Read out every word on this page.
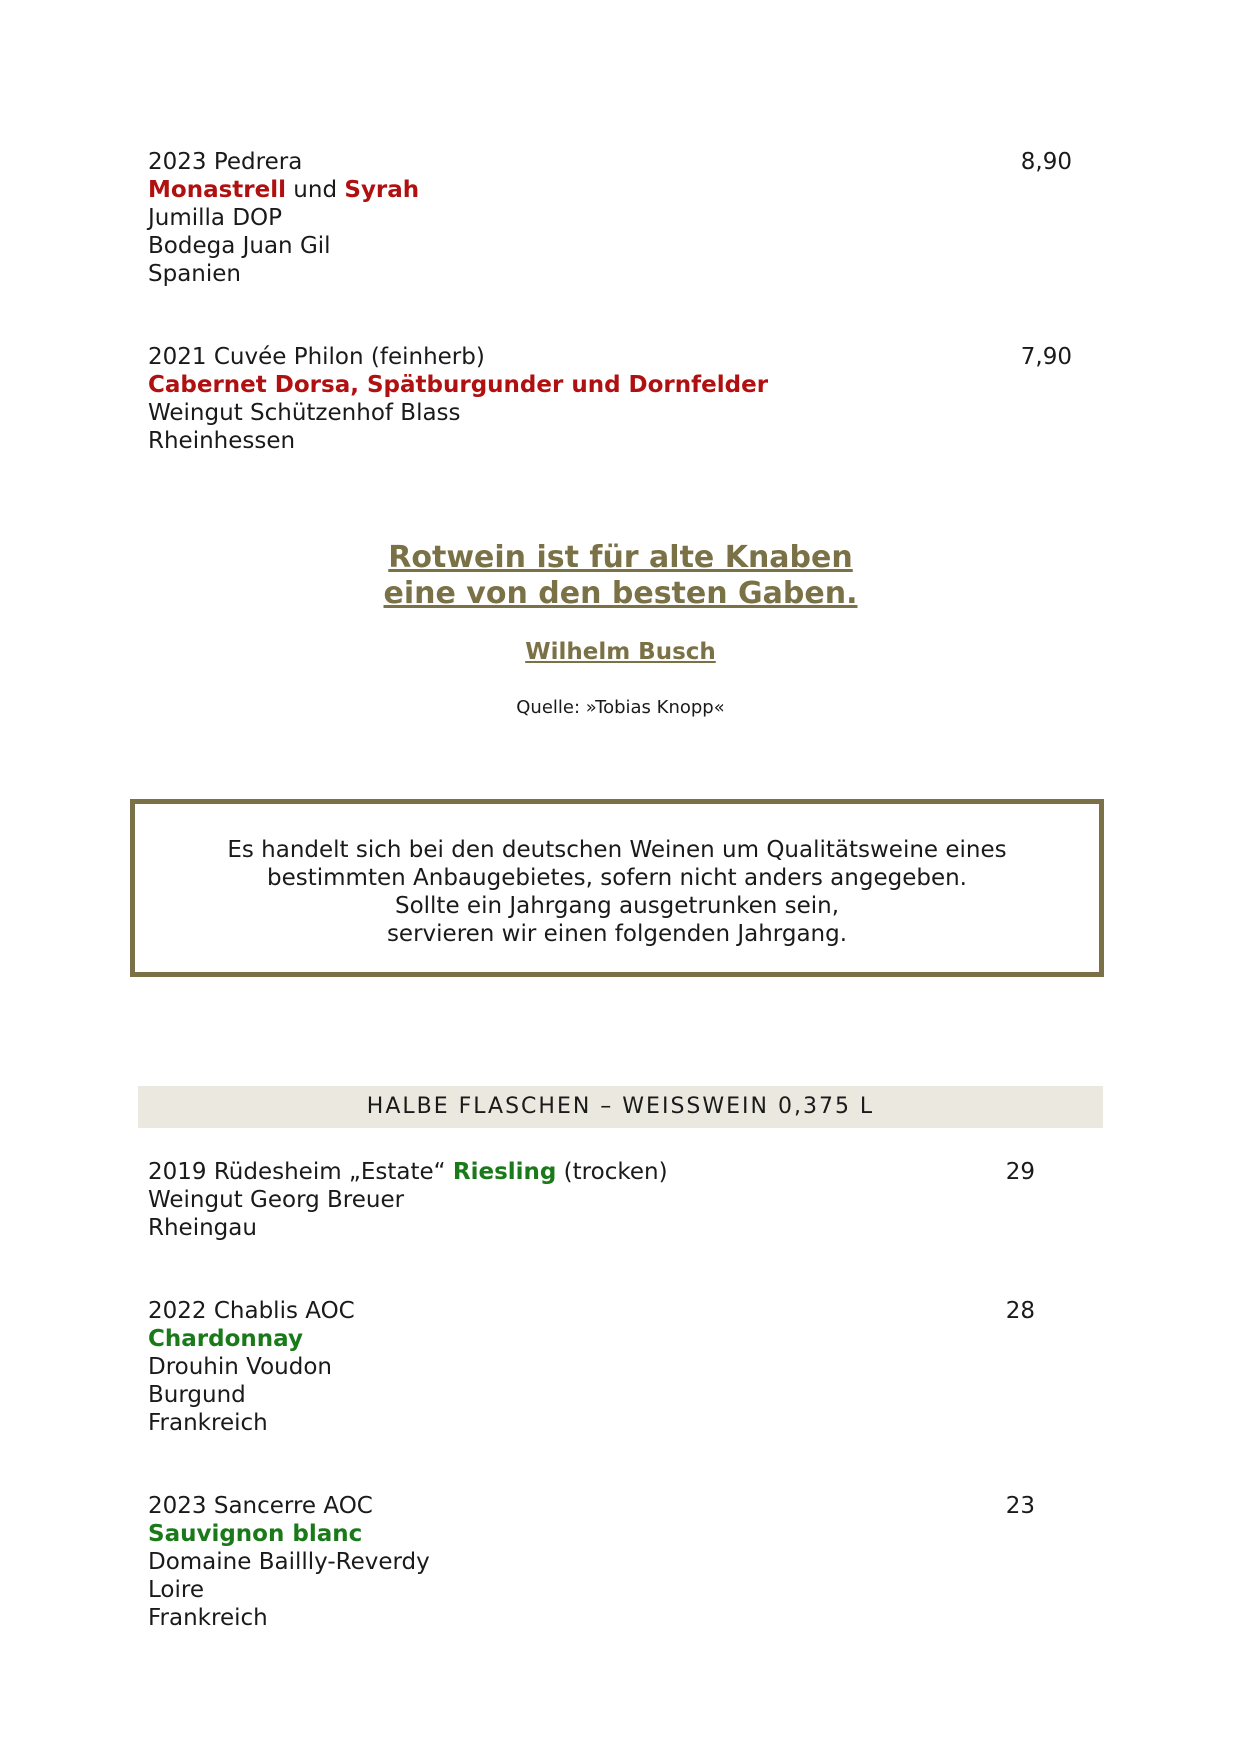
2023 Pedrera
Monastrell und Syrah
Jumilla DOP
Bodega Juan Gil
Spanien
8,90
2021 Cuvée Philon (feinherb)
Cabernet Dorsa, Spätburgunder und Dornfelder
Weingut Schützenhof Blass
Rheinhessen
7,90
Rotwein ist für alte Knaben
eine von den besten Gaben.
Wilhelm Busch
Quelle: »Tobias Knopp«
Es handelt sich bei den deutschen Weinen um Qualitätsweine eines
bestimmten Anbaugebietes, sofern nicht anders angegeben.
Sollte ein Jahrgang ausgetrunken sein,
servieren wir einen folgenden Jahrgang.
HALBE FLASCHEN – WEISSWEIN 0,375 L
2019 Rüdesheim „Estate“ Riesling (trocken)
Weingut Georg Breuer
Rheingau
29
2022 Chablis AOC
Chardonnay
Drouhin Voudon
Burgund
Frankreich
28
2023 Sancerre AOC
Sauvignon blanc
Domaine Baillly-Reverdy
Loire
Frankreich
23
